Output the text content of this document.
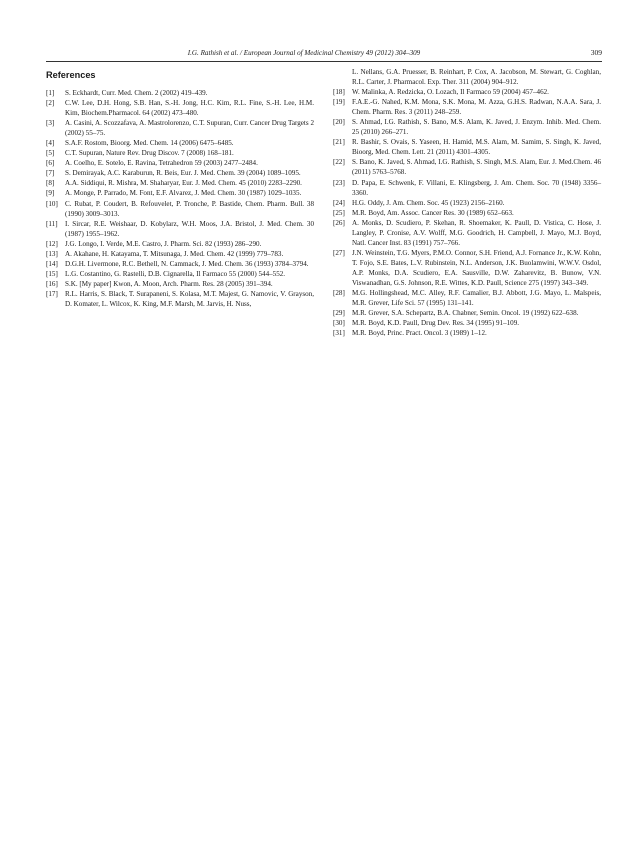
I.G. Rathish et al. / European Journal of Medicinal Chemistry 49 (2012) 304–309	309
References
[1] S. Eckhardt, Curr. Med. Chem. 2 (2002) 419–439.
[2] C.W. Lee, D.H. Hong, S.B. Han, S.-H. Jong, H.C. Kim, R.L. Fine, S.-H. Lee, H.M. Kim, Biochem.Pharmacol. 64 (2002) 473–480.
[3] A. Casini, A. Scozzafava, A. Mastrolorenzo, C.T. Supuran, Curr. Cancer Drug Targets 2 (2002) 55–75.
[4] S.A.F. Rostom, Bioorg. Med. Chem. 14 (2006) 6475–6485.
[5] C.T. Supuran, Nature Rev. Drug Discov. 7 (2008) 168–181.
[6] A. Coelho, E. Sotelo, E. Ravina, Tetrahedron 59 (2003) 2477–2484.
[7] S. Demirayak, A.C. Karaburun, R. Beis, Eur. J. Med. Chem. 39 (2004) 1089–1095.
[8] A.A. Siddiqui, R. Mishra, M. Shaharyar, Eur. J. Med. Chem. 45 (2010) 2283–2290.
[9] A. Monge, P. Parrado, M. Font, E.F. Alvarez, J. Med. Chem. 30 (1987) 1029–1035.
[10] C. Rubat, P. Coudert, B. Refouvelet, P. Tronche, P. Bastide, Chem. Pharm. Bull. 38 (1990) 3009–3013.
[11] I. Sircar, R.E. Weishaar, D. Kobylarz, W.H. Moos, J.A. Bristol, J. Med. Chem. 30 (1987) 1955–1962.
[12] J.G. Longo, I. Verde, M.E. Castro, J. Pharm. Sci. 82 (1993) 286–290.
[13] A. Akahane, H. Katayama, T. Mitsunaga, J. Med. Chem. 42 (1999) 779–783.
[14] D.G.H. Livermone, R.C. Bethell, N. Cammack, J. Med. Chem. 36 (1993) 3784–3794.
[15] L.G. Costantino, G. Rastelli, D.B. Cignarella, Il Farmaco 55 (2000) 544–552.
[16] S.K. [My paper] Kwon, A. Moon, Arch. Pharm. Res. 28 (2005) 391–394.
[17] R.L. Harris, S. Black, T. Surapaneni, S. Kolasa, M.T. Majest, G. Namovic, V. Grayson, D. Komater, L. Wilcox, K. King, M.F. Marsh, M. Jarvis, H. Nuss,
L. Nellans, G.A. Pruesser, B. Reinhart, P. Cox, A. Jacobson, M. Stewart, G. Coghlan, R.L. Carter, J. Pharmacol. Exp. Ther. 311 (2004) 904–912.
[18] W. Malinka, A. Redzicka, O. Lozach, Il Farmaco 59 (2004) 457–462.
[19] F.A.E.-G. Nahed, K.M. Mona, S.K. Mona, M. Azza, G.H.S. Radwan, N.A.A. Sara, J. Chem. Pharm. Res. 3 (2011) 248–259.
[20] S. Ahmad, I.G. Rathish, S. Bano, M.S. Alam, K. Javed, J. Enzym. Inhib. Med. Chem. 25 (2010) 266–271.
[21] R. Bashir, S. Ovais, S. Yaseen, H. Hamid, M.S. Alam, M. Samim, S. Singh, K. Javed, Bioorg, Med. Chem. Lett. 21 (2011) 4301–4305.
[22] S. Bano, K. Javed, S. Ahmad, I.G. Rathish, S. Singh, M.S. Alam, Eur. J. Med.Chem. 46 (2011) 5763–5768.
[23] D. Papa, E. Schwenk, F. Villani, E. Klingsberg, J. Am. Chem. Soc. 70 (1948) 3356–3360.
[24] H.G. Oddy, J. Am. Chem. Soc. 45 (1923) 2156–2160.
[25] M.R. Boyd, Am. Assoc. Cancer Res. 30 (1989) 652–663.
[26] A. Monks, D. Scudiero, P. Skehan, R. Shoemaker, K. Paull, D. Vistica, C. Hose, J. Langley, P. Cronise, A.V. Wolff, M.G. Goodrich, H. Campbell, J. Mayo, M.J. Boyd, Natl. Cancer Inst. 83 (1991) 757–766.
[27] J.N. Weinstein, T.G. Myers, P.M.O. Connor, S.H. Friend, A.J. Fornance Jr., K.W. Kohn, T. Fojo, S.E. Bates, L.V. Rubinstein, N.L. Anderson, J.K. Buolamwini, W.W.V. Osdol, A.P. Monks, D.A. Scudiero, E.A. Sausville, D.W. Zaharevitz, B. Bunow, V.N. Viswanadhan, G.S. Johnson, R.E. Wittes, K.D. Paull, Science 275 (1997) 343–349.
[28] M.G. Hollingshead, M.C. Alley, R.F. Camalier, B.J. Abbott, J.G. Mayo, L. Malspeis, M.R. Grever, Life Sci. 57 (1995) 131–141.
[29] M.R. Grever, S.A. Schepartz, B.A. Chabner, Semin. Oncol. 19 (1992) 622–638.
[30] M.R. Boyd, K.D. Paull, Drug Dev. Res. 34 (1995) 91–109.
[31] M.R. Boyd, Princ. Pract. Oncol. 3 (1989) 1–12.
